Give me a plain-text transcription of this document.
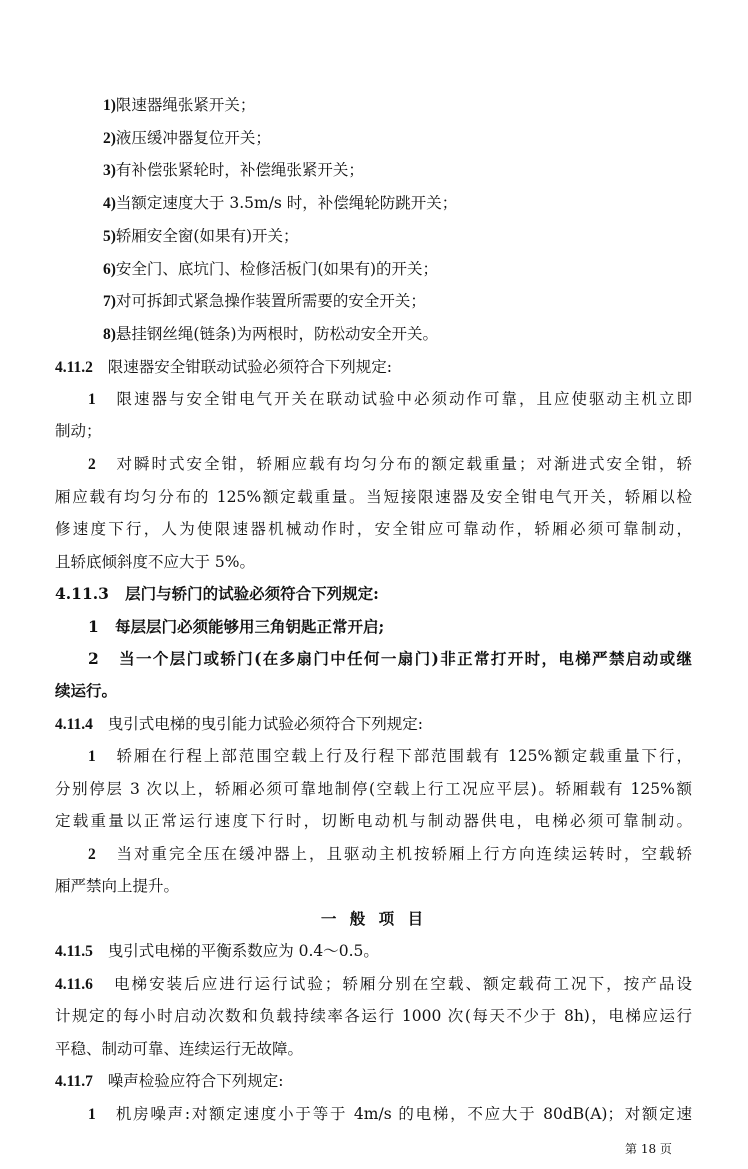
1)限速器绳张紧开关；
2)液压缓冲器复位开关；
3)有补偿张紧轮时，补偿绳张紧开关；
4)当额定速度大于 3.5m/s 时，补偿绳轮防跳开关；
5)轿厢安全窗(如果有)开关；
6)安全门、底坑门、检修活板门(如果有)的开关；
7)对可拆卸式紧急操作装置所需要的安全开关；
8)悬挂钢丝绳(链条)为两根时，防松动安全开关。
4.11.2 限速器安全钳联动试验必须符合下列规定:
1 限速器与安全钳电气开关在联动试验中必须动作可靠，且应使驱动主机立即
制动；
2 对瞬时式安全钳，轿厢应载有均匀分布的额定载重量；对渐进式安全钳，轿
厢应载有均匀分布的 125%额定载重量。当短接限速器及安全钳电气开关，轿厢以检
修速度下行，人为使限速器机械动作时，安全钳应可靠动作，轿厢必须可靠制动，
且轿底倾斜度不应大于 5%。
4.11.3 层门与轿门的试验必须符合下列规定:
1 每层层门必须能够用三角钥匙正常开启;
2 当一个层门或轿门(在多扇门中任何一扇门)非正常打开时，电梯严禁启动或继
续运行。
4.11.4 曳引式电梯的曳引能力试验必须符合下列规定:
1 轿厢在行程上部范围空载上行及行程下部范围载有 125%额定载重量下行，
分别停层 3 次以上，轿厢必须可靠地制停(空载上行工况应平层)。轿厢载有 125%额
定载重量以正常运行速度下行时，切断电动机与制动器供电，电梯必须可靠制动。
2 当对重完全压在缓冲器上，且驱动主机按轿厢上行方向连续运转时，空载轿
厢严禁向上提升。
一 般 项 目
4.11.5 曳引式电梯的平衡系数应为 0.4～0.5。
4.11.6 电梯安装后应进行运行试验；轿厢分别在空载、额定载荷工况下，按产品设
计规定的每小时启动次数和负载持续率各运行 1000 次(每天不少于 8h)，电梯应运行
平稳、制动可靠、连续运行无故障。
4.11.7 噪声检验应符合下列规定:
1 机房噪声:对额定速度小于等于 4m/s 的电梯，不应大于 80dB(A)；对额定速
第 18 页
